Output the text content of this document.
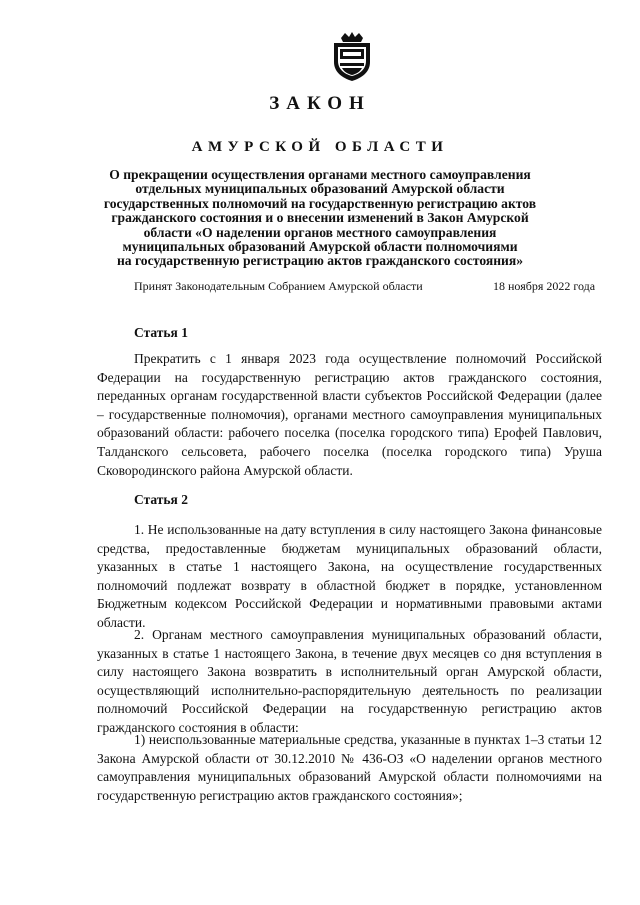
ЗАКОН
АМУРСКОЙ ОБЛАСТИ
О прекращении осуществления органами местного самоуправления
отдельных муниципальных образований Амурской области
государственных полномочий на государственную регистрацию актов
гражданского состояния и о внесении изменений в Закон Амурской
области «О наделении органов местного самоуправления
муниципальных образований Амурской области полномочиями
на государственную регистрацию актов гражданского состояния»
Принят Законодательным Собранием Амурской области	18 ноября 2022 года
Статья 1
Прекратить с 1 января 2023 года осуществление полномочий Российской Федерации на государственную регистрацию актов гражданского состояния, переданных органам государственной власти субъектов Российской Федерации (далее – государственные полномочия), органами местного самоуправления муниципальных образований области: рабочего поселка (поселка городского типа) Ерофей Павлович, Талданского сельсовета, рабочего поселка (поселка городского типа) Уруша Сковородинского района Амурской области.
Статья 2
1. Не использованные на дату вступления в силу настоящего Закона финансовые средства, предоставленные бюджетам муниципальных образований области, указанных в статье 1 настоящего Закона, на осуществление государственных полномочий подлежат возврату в областной бюджет в порядке, установленном Бюджетным кодексом Российской Федерации и нормативными правовыми актами области.
2. Органам местного самоуправления муниципальных образований области, указанных в статье 1 настоящего Закона, в течение двух месяцев со дня вступления в силу настоящего Закона возвратить в исполнительный орган Амурской области, осуществляющий исполнительно-распорядительную деятельность по реализации полномочий Российской Федерации на государственную регистрацию актов гражданского состояния в области:
1) неиспользованные материальные средства, указанные в пунктах 1–3 статьи 12 Закона Амурской области от 30.12.2010 № 436-ОЗ «О наделении органов местного самоуправления муниципальных образований Амурской области полномочиями на государственную регистрацию актов гражданского состояния»;
